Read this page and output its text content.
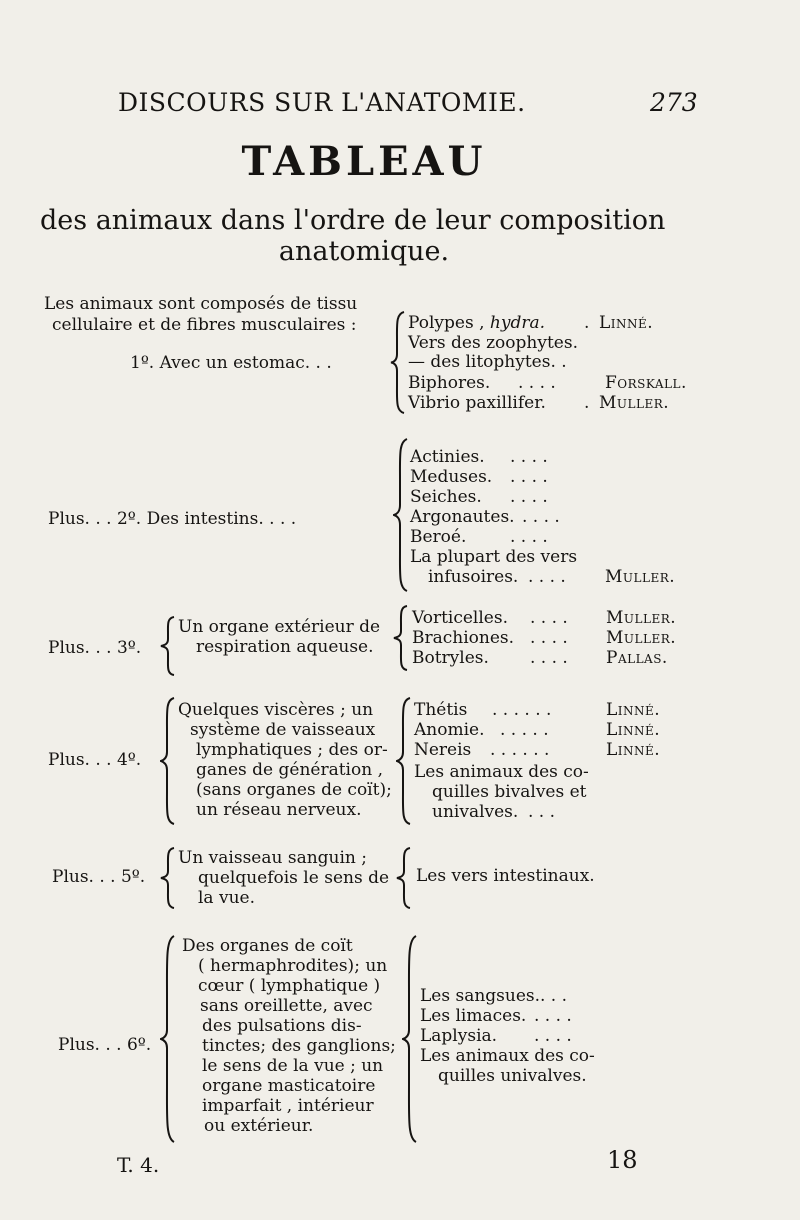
DISCOURS SUR L'ANATOMIE.	273
TABLEAU
des animaux dans l'ordre de leur composition
anatomique.
Les animaux sont composés de tissu
cellulaire et de fibres musculaires :
1º. Avec un estomac. . .
Polypes , hydra. . Linné.
Vers des zoophytes.
— des litophytes. .
Biphores. . . . .	Forskall.
Vibrio paxillifer. . Muller.
Plus. . . 2º. Des intestins. . . .
Actinies. . . . .
Meduses. . . . .
Seiches. . . . .
Argonautes. . . . .
Beroé.	. . . .
La plupart des vers
infusoires. . . . . Muller.
Plus. . . 3º.
Un organe extérieur de
respiration aqueuse.
Vorticelles. . . . . Muller.
Brachiones. . . . . Muller.
Botryles. . . . . Pallas.
Plus. . . 4º.
Quelques viscères ; un
système de vaisseaux
lymphatiques ; des or-
ganes de génération ,
(sans organes de coït);
un réseau nerveux.
Thétis . . . . . .	Linné.
Anomie. . . . . .	Linné.
Nereis . . . . . .	Linné.
Les animaux des co-
quilles bivalves et
univalves. . . .
Plus. . . 5º.
Un vaisseau sanguin ;
quelquefois le sens de
la vue.
Les vers intestinaux.
Plus. . . 6º.
Des organes de coït
( hermaphrodites); un
cœur ( lymphatique )
sans oreillette, avec
des pulsations dis-
tinctes; des ganglions;
le sens de la vue ; un
organe masticatoire
imparfait , intérieur
ou extérieur.
Les sangsues. . . .
Les limaces. . . . .
Laplysia. . . . .
Les animaux des co-
quilles univalves.
T. 4.	18
